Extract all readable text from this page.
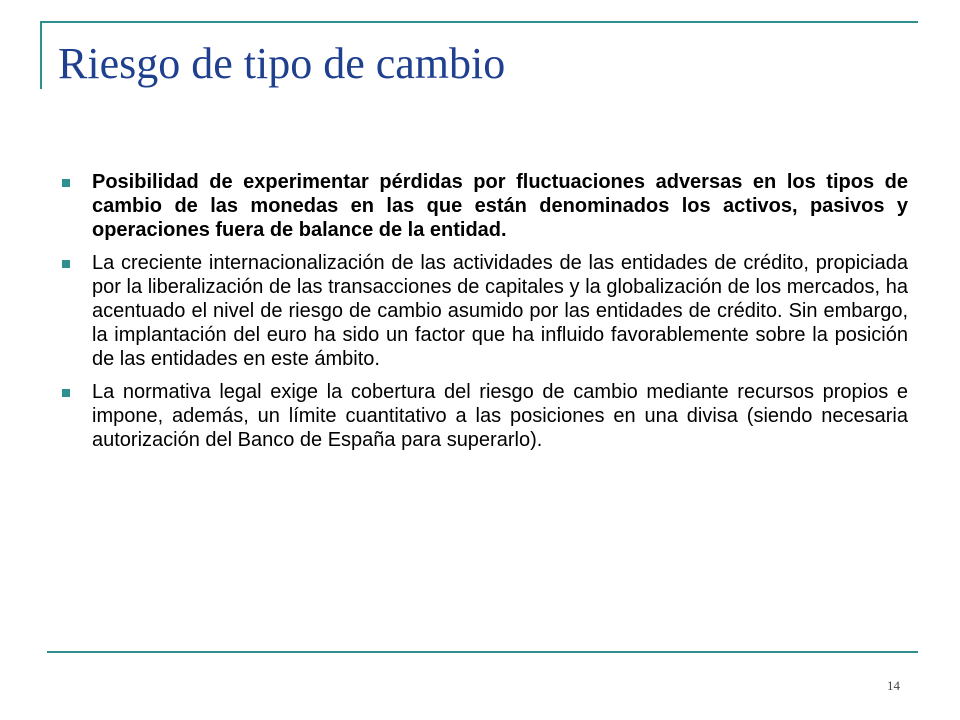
Riesgo de tipo de cambio
Posibilidad de experimentar pérdidas por fluctuaciones adversas en los tipos de cambio de las monedas en las que están denominados los activos, pasivos y operaciones fuera de balance de la entidad.
La creciente internacionalización de las actividades de las entidades de crédito, propiciada por la liberalización de las transacciones de capitales y la globalización de los mercados, ha acentuado el nivel de riesgo de cambio asumido por las entidades de crédito. Sin embargo, la implantación del euro ha sido un factor que ha influido favorablemente sobre la posición de las entidades en este ámbito.
La normativa legal exige la cobertura del riesgo de cambio mediante recursos propios e impone, además, un límite cuantitativo a las posiciones en una divisa (siendo necesaria autorización del Banco de España para superarlo).
14
